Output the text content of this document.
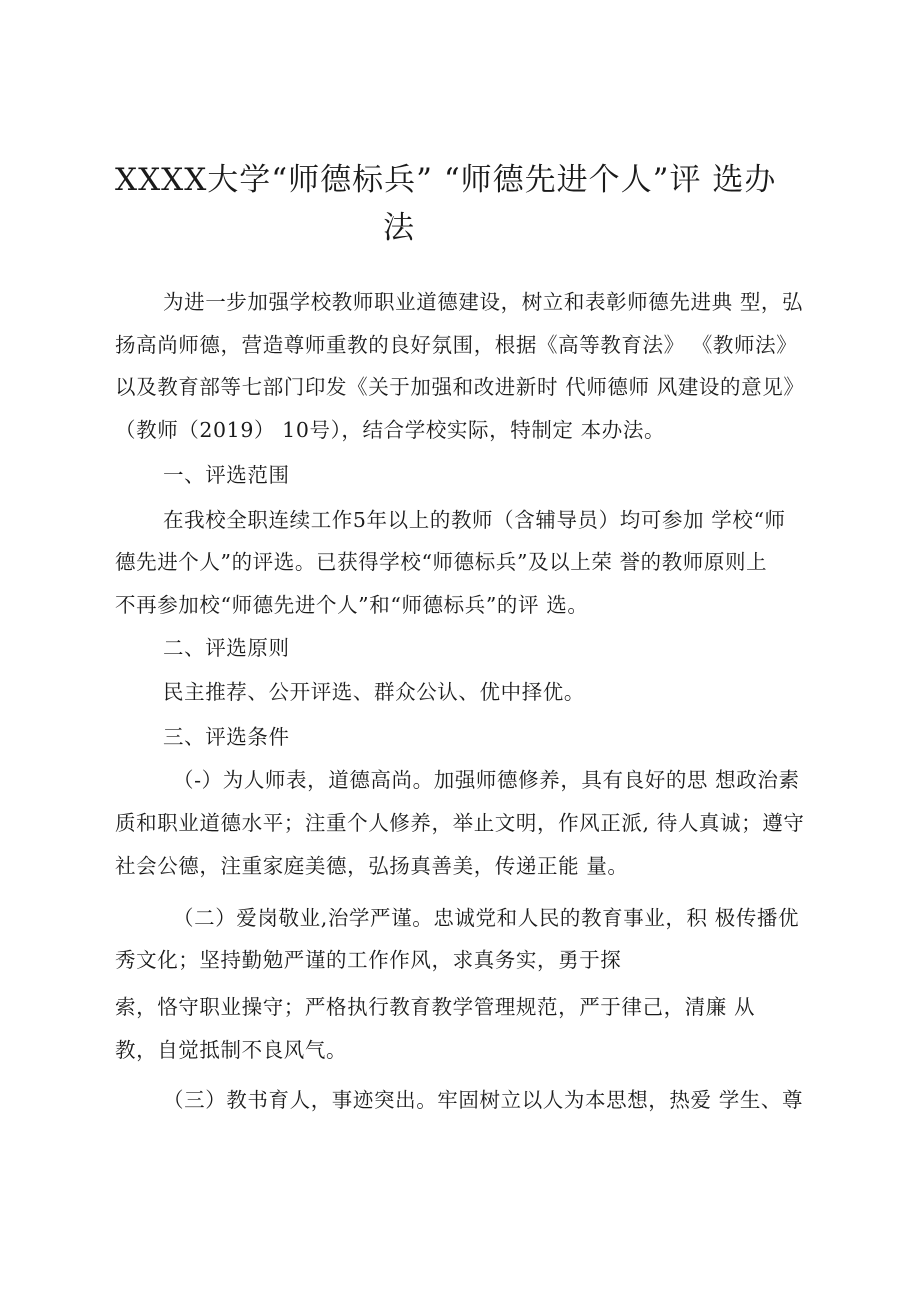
XXXX大学“师德标兵” “师德先进个人”评 选办
法
为进一步加强学校教师职业道德建设，树立和表彰师德先进典 型，弘
扬高尚师德，营造尊师重教的良好氛围，根据《高等教育法》 《教师法》
以及教育部等七部门印发《关于加强和改进新时 代师德师 风建设的意见》
（教师（2019） 10号），结合学校实际，特制定 本办法。
一、评选范围
在我校全职连续工作5年以上的教师（含辅导员）均可参加 学校“师
德先进个人”的评选。已获得学校“师德标兵”及以上荣 誉的教师原则上
不再参加校“师德先进个人”和“师德标兵”的评 选。
二、评选原则
民主推荐、公开评选、群众公认、优中择优。
三、评选条件
（-）为人师表，道德高尚。加强师德修养，具有良好的思 想政治素
质和职业道德水平；注重个人修养，举止文明，作风正派, 待人真诚；遵守
社会公德，注重家庭美德，弘扬真善美，传递正能 量。
（二）爱岗敬业,治学严谨。忠诚党和人民的教育事业，积 极传播优
秀文化；坚持勤勉严谨的工作作风，求真务实，勇于探
索，恪守职业操守；严格执行教育教学管理规范，严于律己，清廉 从
教，自觉抵制不良风气。
（三）教书育人，事迹突出。牢固树立以人为本思想，热爱 学生、尊
